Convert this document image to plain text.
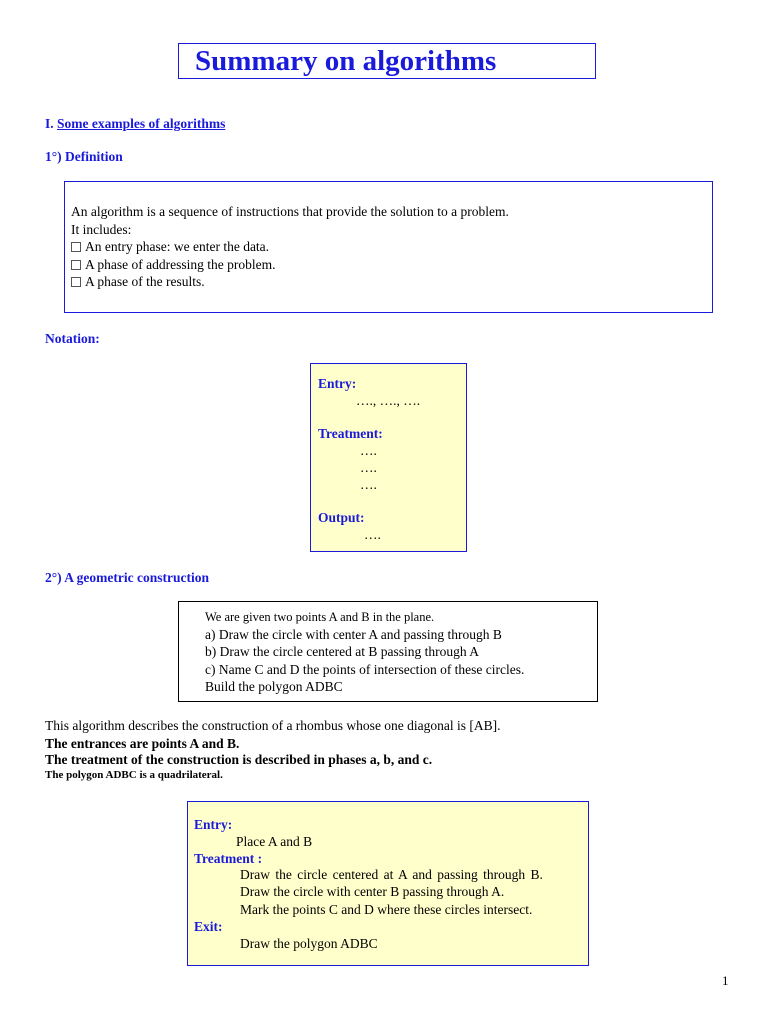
Summary on algorithms
I. Some examples of algorithms
1°) Definition
An algorithm is a sequence of instructions that provide the solution to a problem.
It includes:
An entry phase: we enter the data.
A phase of addressing the problem.
A phase of the results.
Notation:
Entry:
…., …., ….
Treatment:
….
….
….
Output:
….
2°) A geometric construction
We are given two points A and B in the plane.
a) Draw the circle with center A and passing through B
b) Draw the circle centered at B passing through A
c) Name C and D the points of intersection of these circles.
Build the polygon ADBC
This algorithm describes the construction of a rhombus whose one diagonal is [AB].
The entrances are points A and B.
The treatment of the construction is described in phases a, b, and c.
The polygon ADBC is a quadrilateral.
Entry:
Place A and B
Treatment :
Draw the circle centered at A and passing through B.
Draw the circle with center B passing through A.
Mark the points C and D where these circles intersect.
Exit:
Draw the polygon ADBC
1
